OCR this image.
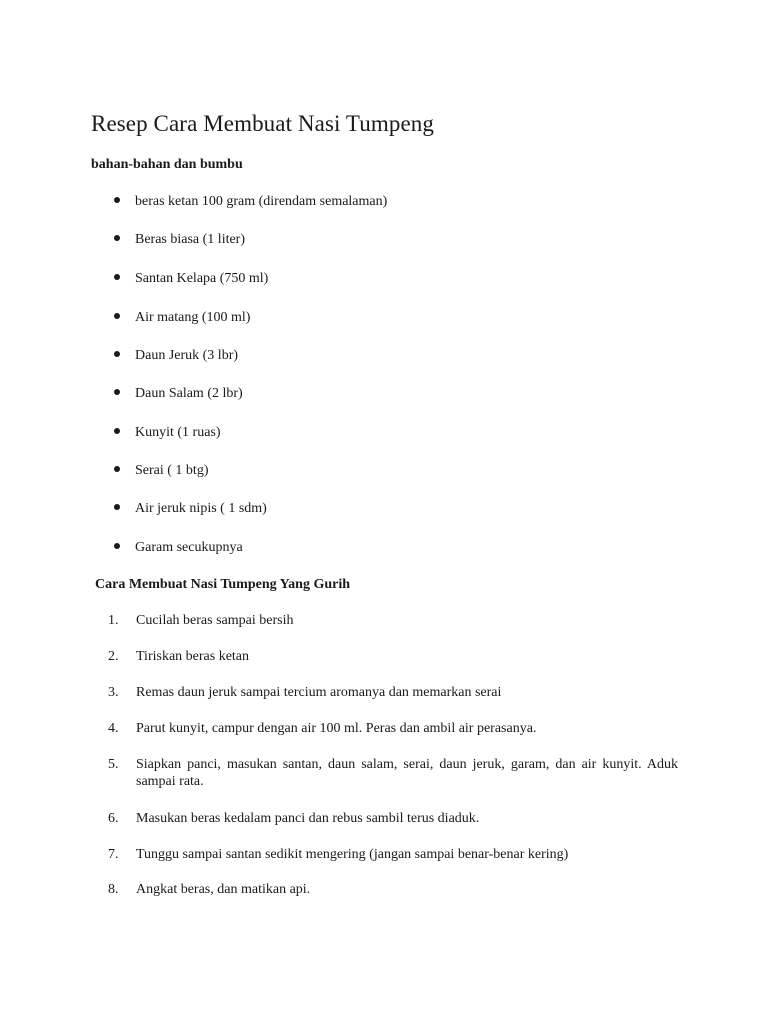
Resep Cara Membuat Nasi Tumpeng
bahan-bahan dan bumbu
beras ketan 100 gram (direndam semalaman)
Beras biasa (1 liter)
Santan Kelapa (750 ml)
Air matang (100 ml)
Daun Jeruk (3 lbr)
Daun Salam (2 lbr)
Kunyit (1 ruas)
Serai ( 1 btg)
Air jeruk nipis ( 1 sdm)
Garam secukupnya
Cara Membuat Nasi Tumpeng Yang Gurih
1.	Cucilah beras sampai bersih
2.	Tiriskan beras ketan
3.	Remas daun jeruk sampai tercium aromanya dan memarkan serai
4.	Parut kunyit, campur dengan air 100 ml. Peras dan ambil air perasanya.
5.	Siapkan panci, masukan santan, daun salam, serai, daun jeruk, garam, dan air kunyit. Aduk sampai rata.
6.	Masukan beras kedalam panci dan rebus sambil terus diaduk.
7.	Tunggu sampai santan sedikit mengering (jangan sampai benar-benar kering)
8.	Angkat beras, dan matikan api.
